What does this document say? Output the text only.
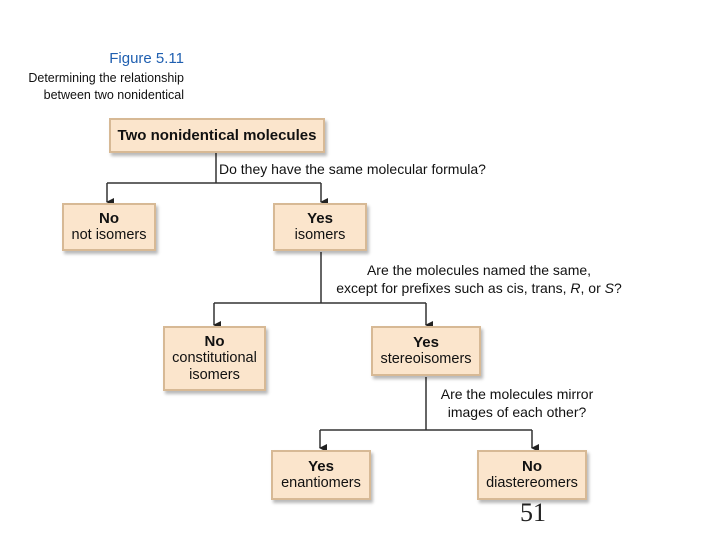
Figure 5.11
Determining the relationship
between two nonidentical
Two nonidentical molecules
Do they have the same molecular formula?
No
not isomers
Yes
isomers
Are the molecules named the same,
except for prefixes such as cis, trans, R, or S?
No
constitutional
isomers
Yes
stereoisomers
Are the molecules mirror
images of each other?
Yes
enantiomers
No
diastereomers
51
